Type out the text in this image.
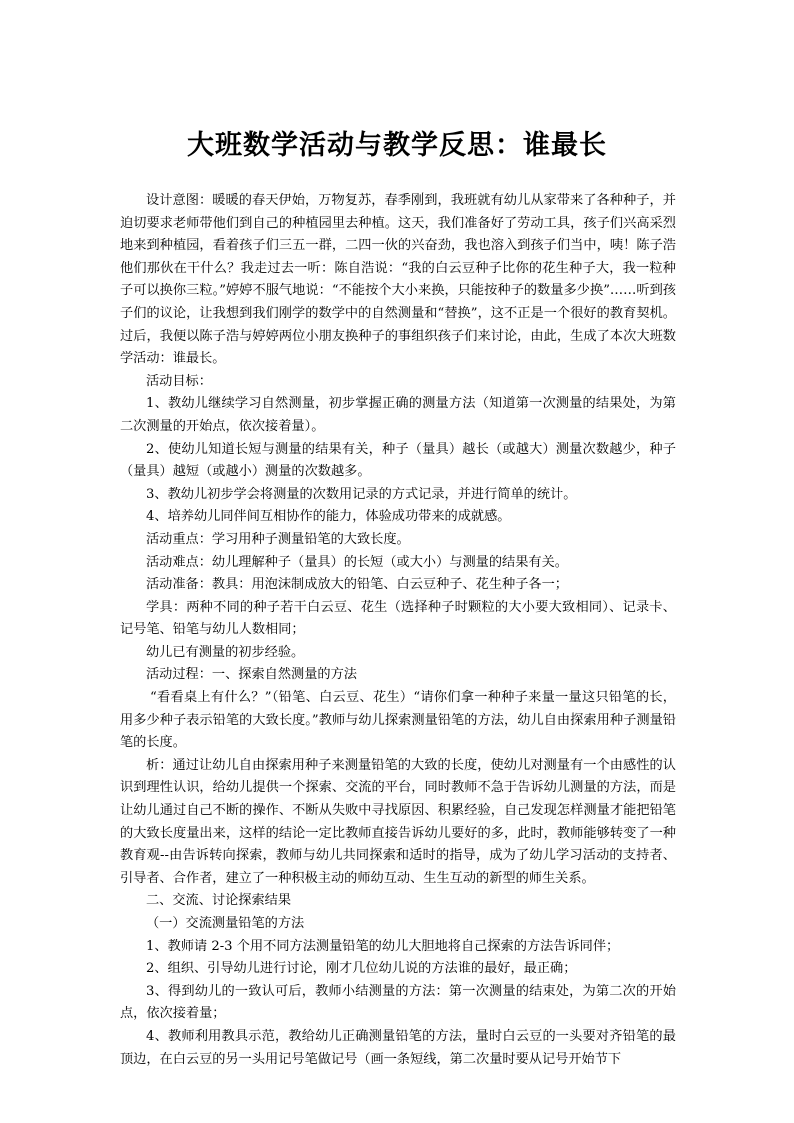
大班数学活动与教学反思：谁最长

设计意图：暖暖的春天伊始，万物复苏，春季刚到，我班就有幼儿从家带来了各种种子，并迫切要求老师带他们到自己的种植园里去种植。这天，我们准备好了劳动工具，孩子们兴高采烈地来到种植园，看着孩子们三五一群，二四一伙的兴奋劲，我也溶入到孩子们当中，咦！陈子浩他们那伙在干什么？我走过去一听：陈自浩说：“我的白云豆种子比你的花生种子大，我一粒种子可以换你三粒。”婷婷不服气地说：“不能按个大小来换，只能按种子的数量多少换”……听到孩子们的议论，让我想到我们刚学的数学中的自然测量和“替换”，这不正是一个很好的教育契机。过后，我便以陈子浩与婷婷两位小朋友换种子的事组织孩子们来讨论，由此，生成了本次大班数学活动：谁最长。

活动目标：

1、教幼儿继续学习自然测量，初步掌握正确的测量方法（知道第一次测量的结果处，为第二次测量的开始点，依次接着量）。

2、使幼儿知道长短与测量的结果有关，种子（量具）越长（或越大）测量次数越少，种子（量具）越短（或越小）测量的次数越多。

3、教幼儿初步学会将测量的次数用记录的方式记录，并进行简单的统计。

4、培养幼儿同伴间互相协作的能力，体验成功带来的成就感。

活动重点：学习用种子测量铅笔的大致长度。

活动难点：幼儿理解种子（量具）的长短（或大小）与测量的结果有关。

活动准备：教具：用泡沫制成放大的铅笔、白云豆种子、花生种子各一；

学具：两种不同的种子若干白云豆、花生（选择种子时颗粒的大小要大致相同）、记录卡、记号笔、铅笔与幼儿人数相同；

幼儿已有测量的初步经验。

活动过程：一、探索自然测量的方法

“看看桌上有什么？”（铅笔、白云豆、花生）“请你们拿一种种子来量一量这只铅笔的长，用多少种子表示铅笔的大致长度。”教师与幼儿探索测量铅笔的方法，幼儿自由探索用种子测量铅笔的长度。

析：通过让幼儿自由探索用种子来测量铅笔的大致的长度，使幼儿对测量有一个由感性的认识到理性认识，给幼儿提供一个探索、交流的平台，同时教师不急于告诉幼儿测量的方法，而是让幼儿通过自己不断的操作、不断从失败中寻找原因、积累经验，自己发现怎样测量才能把铅笔的大致长度量出来，这样的结论一定比教师直接告诉幼儿要好的多，此时，教师能够转变了一种教育观--由告诉转向探索，教师与幼儿共同探索和适时的指导，成为了幼儿学习活动的支持者、引导者、合作者，建立了一种积极主动的师幼互动、生生互动的新型的师生关系。

二、交流、讨论探索结果

（一）交流测量铅笔的方法

1、教师请 2-3 个用不同方法测量铅笔的幼儿大胆地将自己探索的方法告诉同伴；

2、组织、引导幼儿进行讨论，刚才几位幼儿说的方法谁的最好，最正确；

3、得到幼儿的一致认可后，教师小结测量的方法：第一次测量的结束处，为第二次的开始点，依次接着量；

4、教师利用教具示范，教给幼儿正确测量铅笔的方法，量时白云豆的一头要对齐铅笔的最顶边，在白云豆的另一头用记号笔做记号（画一条短线，第二次量时要从记号开始节下
